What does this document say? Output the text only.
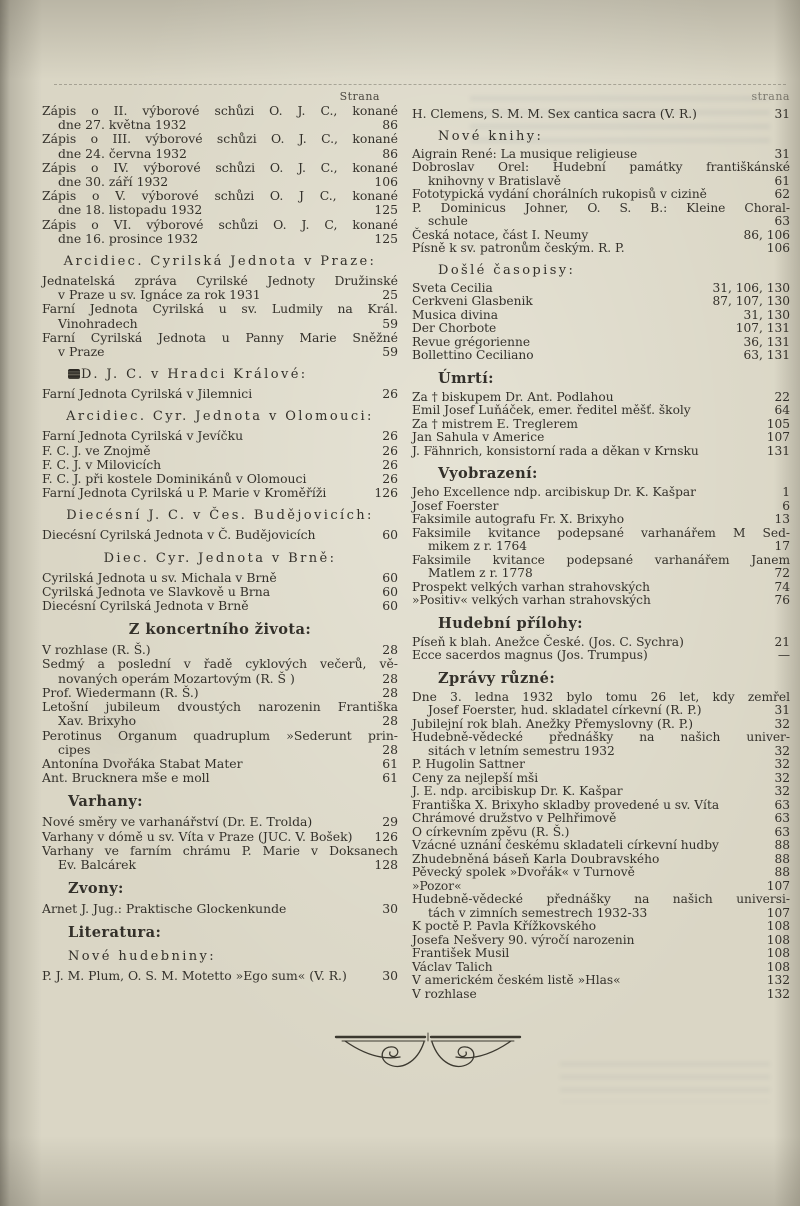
Strana	strana
Zápis o II. výborové schůzi O. J. C., konané
dne 27. května 1932	86
Zápis o III. výborové schůzi O. J. C., konané
dne 24. června 1932	86
Zápis o IV. výborové schůzi O. J. C., konané
dne 30. září 1932	106
Zápis o V. výborové schůzi O. J C., konané
dne 18. listopadu 1932	125
Zápis o VI. výborové schůzi O. J. C, konané
dne 16. prosince 1932	125
Arcidiec. Cyrilská Jednota v Praze:
Jednatelská zpráva Cyrilské Jednoty Družinské
v Praze u sv. Ignáce za rok 1931	25
Farní Jednota Cyrilská u sv. Ludmily na Král.
Vinohradech	59
Farní Cyrilská Jednota u Panny Marie Sněžné
v Praze	59
D. J. C. v Hradci Králové:
Farní Jednota Cyrilská v Jilemnici	26
Arcidiec. Cyr. Jednota v Olomouci:
Farní Jednota Cyrilská v Jevíčku	26
F. C. J. ve Znojmě	26
F. C. J. v Milovicích	26
F. C. J. při kostele Dominikánů v Olomouci	26
Farní Jednota Cyrilská u P. Marie v Kroměříži	126
Diecésní J. C. v Čes. Budějovicích:
Diecésní Cyrilská Jednota v Č. Budějovicích	60
Diec. Cyr. Jednota v Brně:
Cyrilská Jednota u sv. Michala v Brně	60
Cyrilská Jednota ve Slavkově u Brna	60
Diecésní Cyrilská Jednota v Brně	60
Z koncertního života:
V rozhlase (R. Š.)	28
Sedmý a poslední v řadě cyklových večerů, vě-
novaných operám Mozartovým (R. Š )	28
Prof. Wiedermann (R. Š.)	28
Letošní jubileum dvoustých narozenin Františka
Xav. Brixyho	28
Perotinus Organum quadruplum »Sederunt prin-
cipes	28
Antonína Dvořáka Stabat Mater	61
Ant. Brucknera mše e moll	61
Varhany:
Nové směry ve varhanářství (Dr. E. Trolda)	29
Varhany v dómě u sv. Víta v Praze (JUC. V. Bošek)	126
Varhany ve farním chrámu P. Marie v Doksanech
Ev. Balcárek	128
Zvony:
Arnet J. Jug.: Praktische Glockenkunde	30
Literatura:
Nové hudebniny:
P. J. M. Plum, O. S. M. Motetto »Ego sum« (V. R.)	30
H. Clemens, S. M. M. Sex cantica sacra (V. R.)	31
Nové knihy:
Aigrain René: La musique religieuse	31
Dobroslav Orel: Hudební památky františkánské
knihovny v Bratislavě	61
Fototypická vydání chorálních rukopisů v cizině	62
P. Dominicus Johner, O. S. B.: Kleine Choral-
schule	63
Česká notace, část I. Neumy	86, 106
Písně k sv. patronům českým. R. P.	106
Došlé časopisy:
Sveta Cecilia	31, 106, 130
Cerkveni Glasbenik	87, 107, 130
Musica divina	31, 130
Der Chorbote	107, 131
Revue grégorienne	36, 131
Bollettino Ceciliano	63, 131
Úmrtí:
Za † biskupem Dr. Ant. Podlahou	22
Emil Josef Luňáček, emer. ředitel měšť. školy	64
Za † mistrem E. Treglerem	105
Jan Sahula v Americe	107
J. Fähnrich, konsistorní rada a děkan v Krnsku	131
Vyobrazení:
Jeho Excellence ndp. arcibiskup Dr. K. Kašpar	1
Josef Foerster	6
Faksimile autografu Fr. X. Brixyho	13
Faksimile kvitance podepsané varhanářem M Sed-
mikem z r. 1764	17
Faksimile kvitance podepsané varhanářem Janem
Matlem z r. 1778	72
Prospekt velkých varhan strahovských	74
»Positiv« velkých varhan strahovských	76
Hudební přílohy:
Píseň k blah. Anežce České. (Jos. C. Sychra)	21
Ecce sacerdos magnus (Jos. Trumpus)	—
Zprávy různé:
Dne 3. ledna 1932 bylo tomu 26 let, kdy zemřel
Josef Foerster, hud. skladatel církevní (R. P.)	31
Jubilejní rok blah. Anežky Přemyslovny (R. P.)	32
Hudebně-vědecké přednášky na našich univer-
sitách v letním semestru 1932	32
P. Hugolin Sattner	32
Ceny za nejlepší mši	32
J. E. ndp. arcibiskup Dr. K. Kašpar	32
Františka X. Brixyho skladby provedené u sv. Víta	63
Chrámové družstvo v Pelhřimově	63
O církevním zpěvu (R. Š.)	63
Vzácné uznání českému skladateli církevní hudby	88
Zhudebněná báseň Karla Doubravského	88
Pěvecký spolek »Dvořák« v Turnově	88
»Pozor«	107
Hudebně-vědecké přednášky na našich universi-
tách v zimních semestrech 1932-33	107
K poctě P. Pavla Křížkovského	108
Josefa Nešvery 90. výročí narozenin	108
František Musil	108
Václav Talich	108
V americkém českém listě »Hlas«	132
V rozhlase	132
